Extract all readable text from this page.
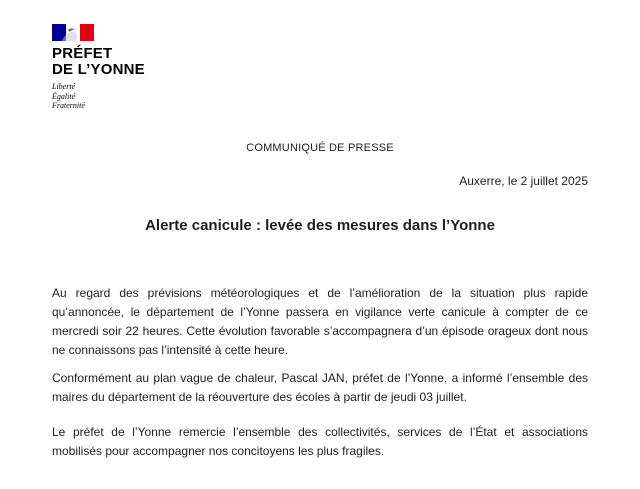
PRÉFET
DE L’YONNE
Liberté
Égalité
Fraternité
COMMUNIQUÉ DE PRESSE
Auxerre, le 2 juillet 2025
Alerte canicule : levée des mesures dans l’Yonne

Au regard des prévisions météorologiques et de l’amélioration de la situation plus rapide qu’annoncée, le département de l’Yonne passera en vigilance verte canicule à compter de ce mercredi soir 22 heures. Cette évolution favorable s’accompagnera d’un épisode orageux dont nous ne connaissons pas l’intensité à cette heure.

Conformément au plan vague de chaleur, Pascal JAN, préfet de l’Yonne, a informé l’ensemble des maires du département de la réouverture des écoles à partir de jeudi 03 juillet.

Le préfet de l’Yonne remercie l’ensemble des collectivités, services de l’État et associations mobilisés pour accompagner nos concitoyens les plus fragiles.
